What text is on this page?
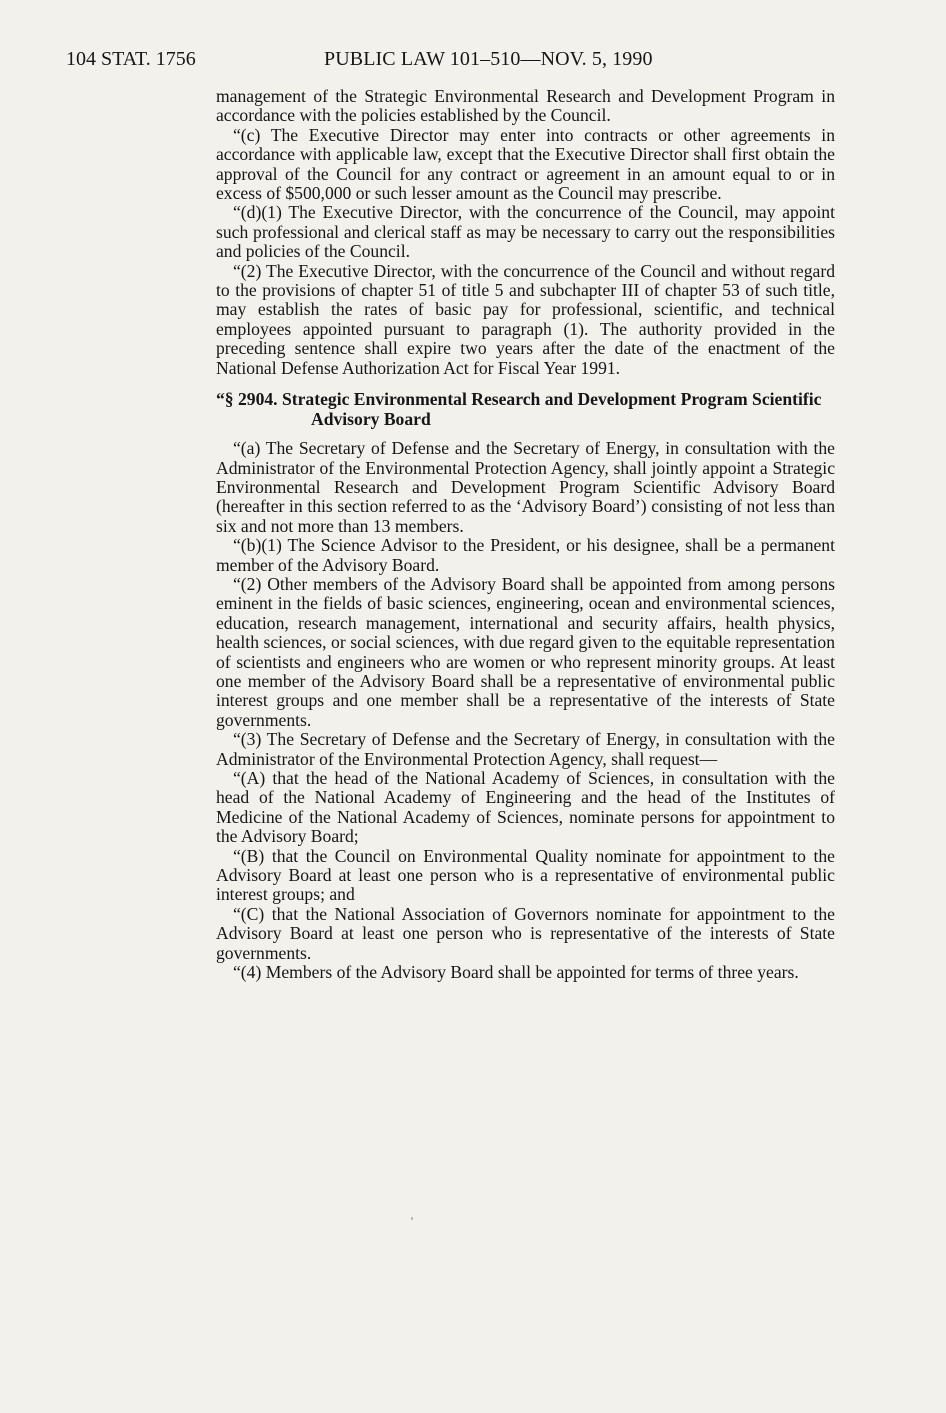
104 STAT. 1756	PUBLIC LAW 101–510—NOV. 5, 1990

management of the Strategic Environmental Research and Development Program in accordance with the policies established by the Council.

“(c) The Executive Director may enter into contracts or other agreements in accordance with applicable law, except that the Executive Director shall first obtain the approval of the Council for any contract or agreement in an amount equal to or in excess of $500,000 or such lesser amount as the Council may prescribe.

“(d)(1) The Executive Director, with the concurrence of the Council, may appoint such professional and clerical staff as may be necessary to carry out the responsibilities and policies of the Council.

“(2) The Executive Director, with the concurrence of the Council and without regard to the provisions of chapter 51 of title 5 and subchapter III of chapter 53 of such title, may establish the rates of basic pay for professional, scientific, and technical employees appointed pursuant to paragraph (1). The authority provided in the preceding sentence shall expire two years after the date of the enactment of the National Defense Authorization Act for Fiscal Year 1991.

“§ 2904. Strategic Environmental Research and Development Program Scientific Advisory Board

“(a) The Secretary of Defense and the Secretary of Energy, in consultation with the Administrator of the Environmental Protection Agency, shall jointly appoint a Strategic Environmental Research and Development Program Scientific Advisory Board (hereafter in this section referred to as the ‘Advisory Board’) consisting of not less than six and not more than 13 members.

“(b)(1) The Science Advisor to the President, or his designee, shall be a permanent member of the Advisory Board.

“(2) Other members of the Advisory Board shall be appointed from among persons eminent in the fields of basic sciences, engineering, ocean and environmental sciences, education, research management, international and security affairs, health physics, health sciences, or social sciences, with due regard given to the equitable representation of scientists and engineers who are women or who represent minority groups. At least one member of the Advisory Board shall be a representative of environmental public interest groups and one member shall be a representative of the interests of State governments.

“(3) The Secretary of Defense and the Secretary of Energy, in consultation with the Administrator of the Environmental Protection Agency, shall request—

“(A) that the head of the National Academy of Sciences, in consultation with the head of the National Academy of Engineering and the head of the Institutes of Medicine of the National Academy of Sciences, nominate persons for appointment to the Advisory Board;

“(B) that the Council on Environmental Quality nominate for appointment to the Advisory Board at least one person who is a representative of environmental public interest groups; and

“(C) that the National Association of Governors nominate for appointment to the Advisory Board at least one person who is representative of the interests of State governments.

“(4) Members of the Advisory Board shall be appointed for terms of three years.
